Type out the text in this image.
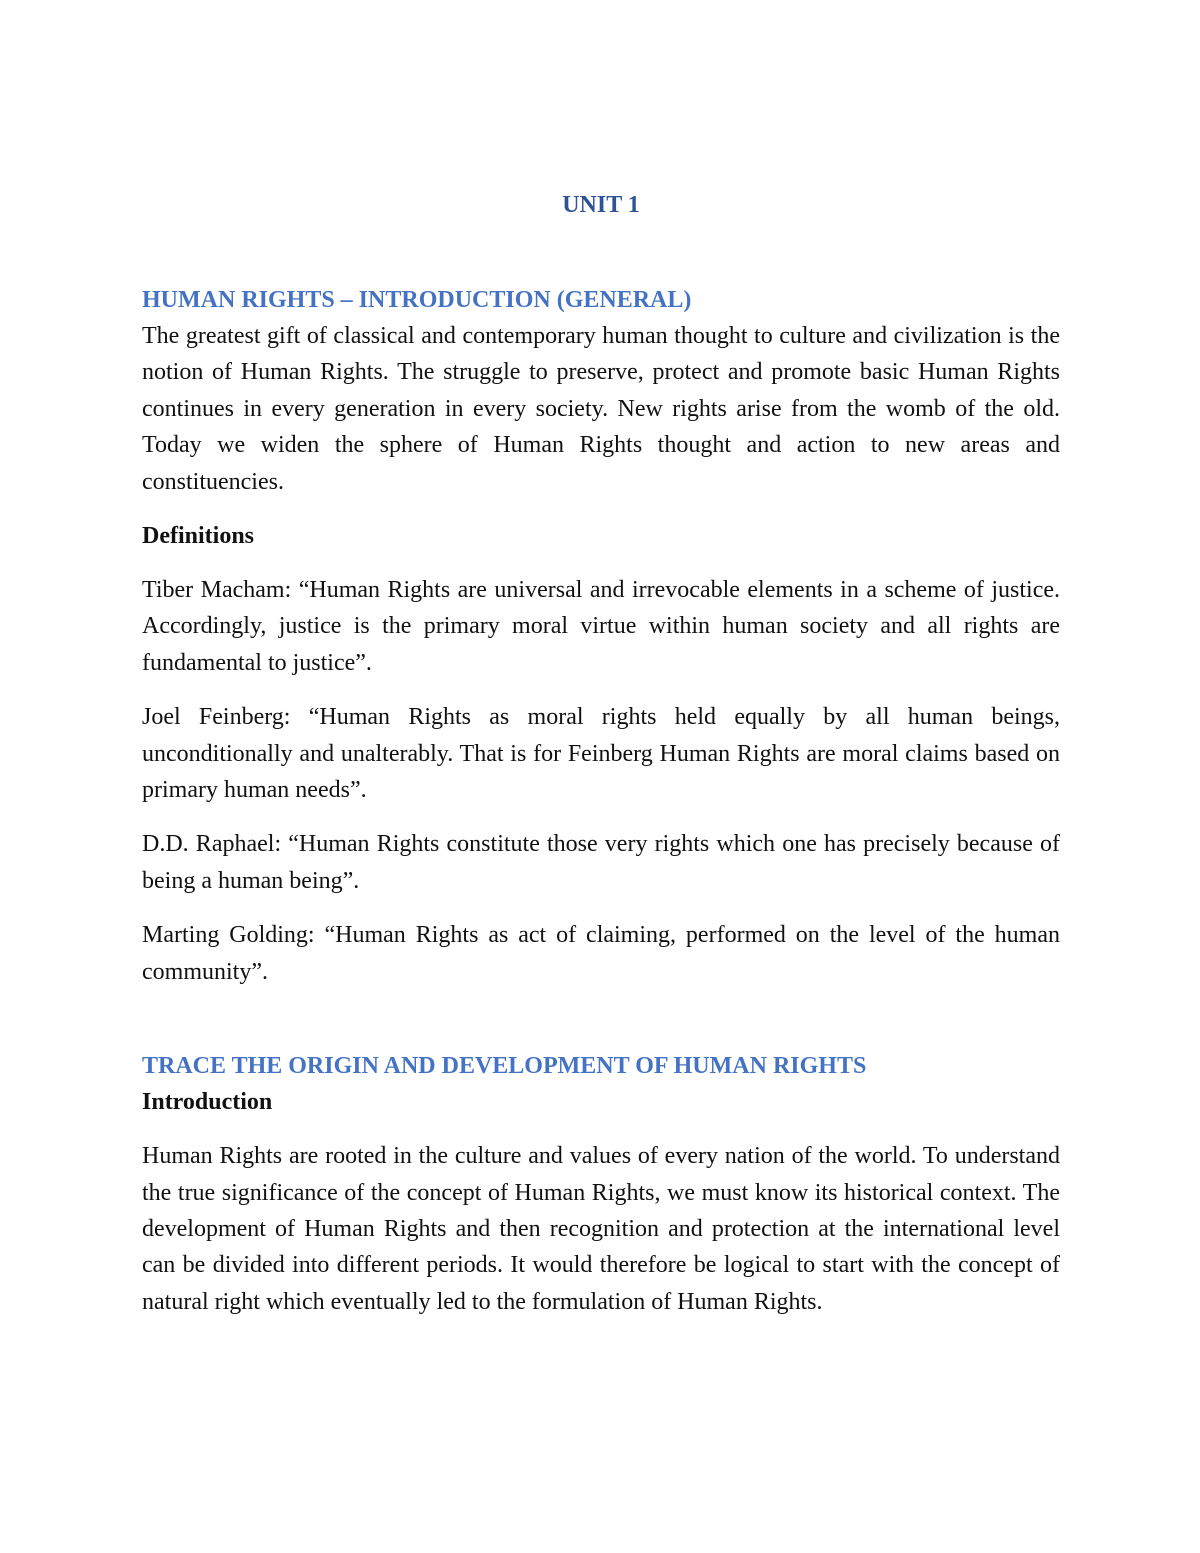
UNIT 1
HUMAN RIGHTS – INTRODUCTION (GENERAL)

The greatest gift of classical and contemporary human thought to culture and civilization is the notion of Human Rights. The struggle to preserve, protect and promote basic Human Rights continues in every generation in every society. New rights arise from the womb of the old. Today we widen the sphere of Human Rights thought and action to new areas and constituencies.

Definitions

Tiber Macham: “Human Rights are universal and irrevocable elements in a scheme of justice. Accordingly, justice is the primary moral virtue within human society and all rights are fundamental to justice”.

Joel Feinberg: “Human Rights as moral rights held equally by all human beings, unconditionally and unalterably. That is for Feinberg Human Rights are moral claims based on primary human needs”.

D.D. Raphael: “Human Rights constitute those very rights which one has precisely because of being a human being”.

Marting Golding: “Human Rights as act of claiming, performed on the level of the human community”.

TRACE THE ORIGIN AND DEVELOPMENT OF HUMAN RIGHTS
Introduction

Human Rights are rooted in the culture and values of every nation of the world. To understand the true significance of the concept of Human Rights, we must know its historical context. The development of Human Rights and then recognition and protection at the international level can be divided into different periods. It would therefore be logical to start with the concept of natural right which eventually led to the formulation of Human Rights.
